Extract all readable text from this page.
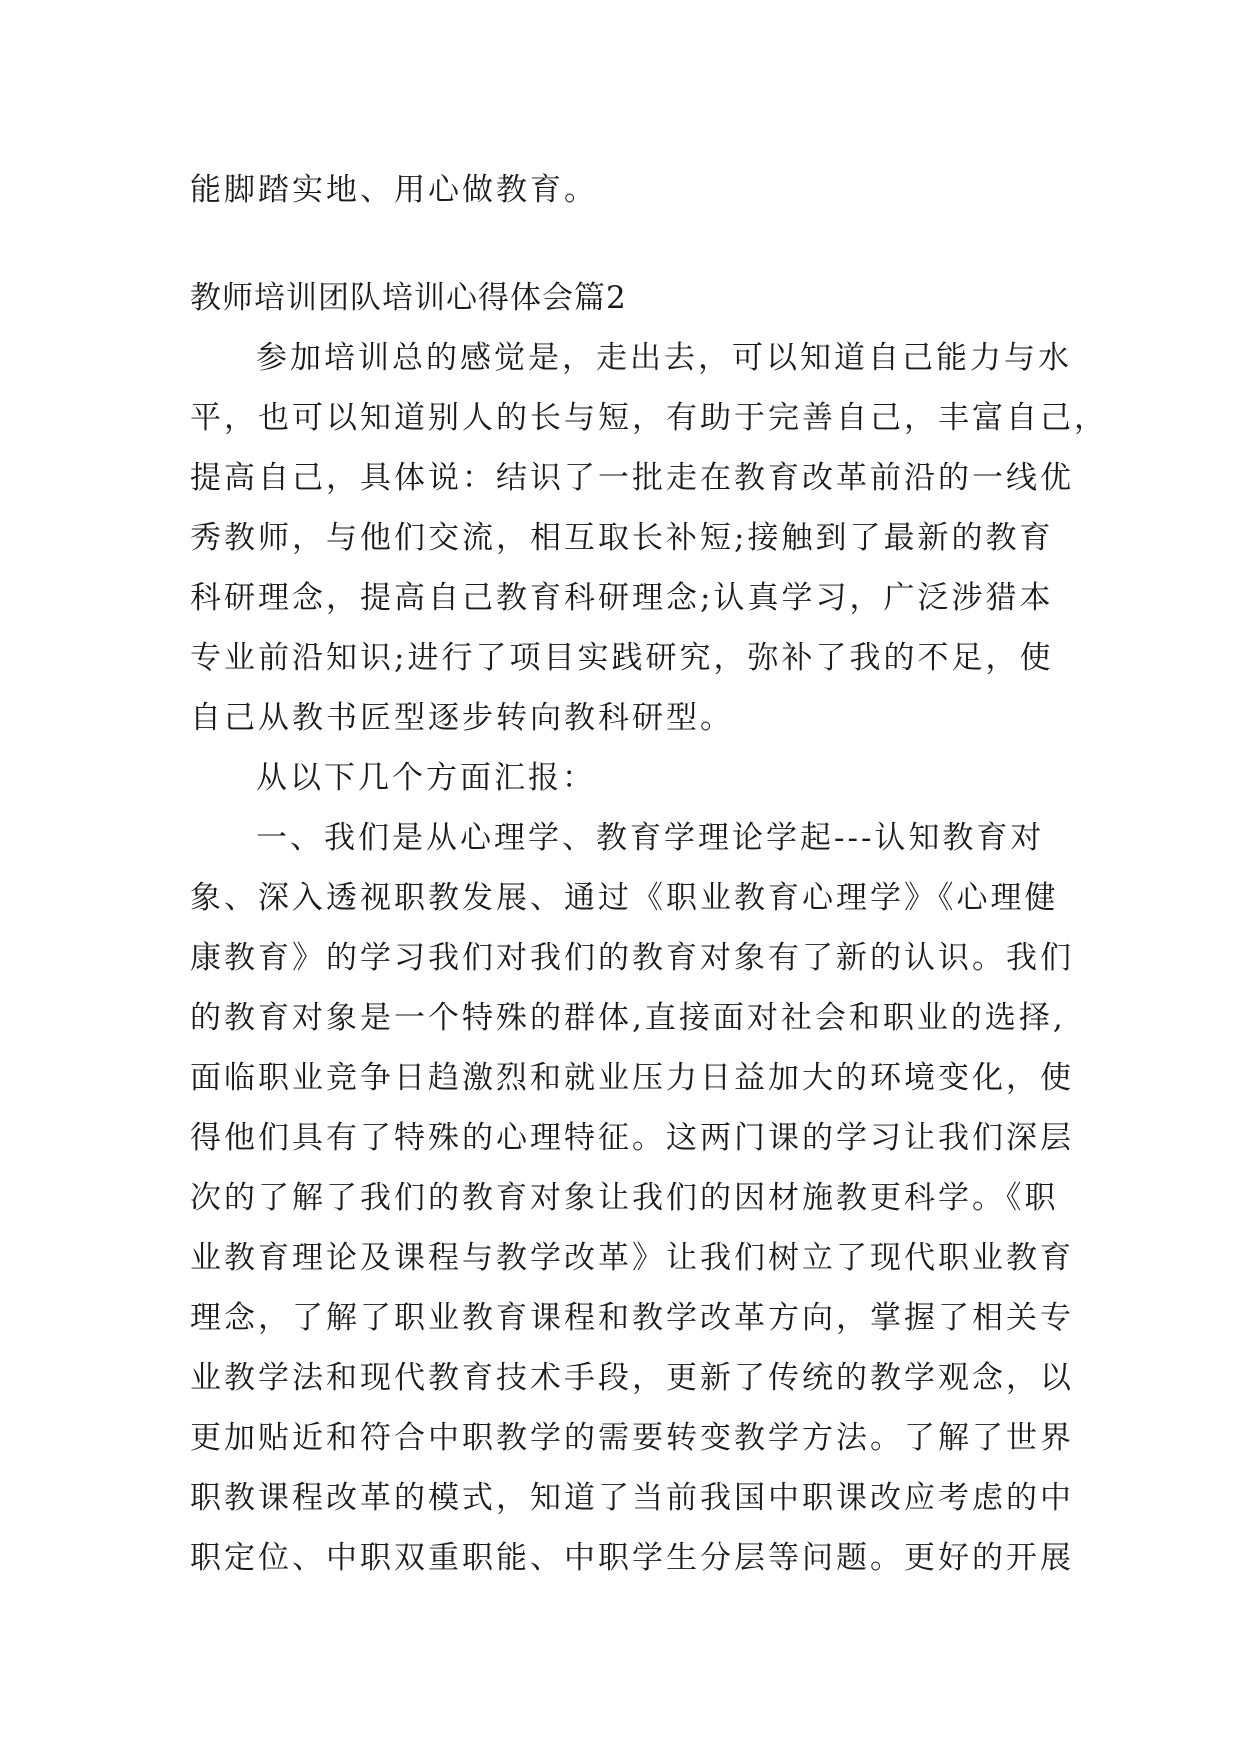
能脚踏实地、用心做教育。
教师培训团队培训心得体会篇2
参加培训总的感觉是，走出去，可以知道自己能力与水
平，也可以知道别人的长与短，有助于完善自己，丰富自己，
提高自己，具体说：结识了一批走在教育改革前沿的一线优
秀教师，与他们交流，相互取长补短;接触到了最新的教育
科研理念，提高自己教育科研理念;认真学习，广泛涉猎本
专业前沿知识;进行了项目实践研究，弥补了我的不足，使
自己从教书匠型逐步转向教科研型。
从以下几个方面汇报：
一、我们是从心理学、教育学理论学起---认知教育对
象、深入透视职教发展、通过《职业教育心理学》《心理健
康教育》的学习我们对我们的教育对象有了新的认识。我们
的教育对象是一个特殊的群体,直接面对社会和职业的选择,
面临职业竞争日趋激烈和就业压力日益加大的环境变化，使
得他们具有了特殊的心理特征。这两门课的学习让我们深层
次的了解了我们的教育对象让我们的因材施教更科学。《职
业教育理论及课程与教学改革》让我们树立了现代职业教育
理念，了解了职业教育课程和教学改革方向，掌握了相关专
业教学法和现代教育技术手段，更新了传统的教学观念，以
更加贴近和符合中职教学的需要转变教学方法。了解了世界
职教课程改革的模式，知道了当前我国中职课改应考虑的中
职定位、中职双重职能、中职学生分层等问题。更好的开展
